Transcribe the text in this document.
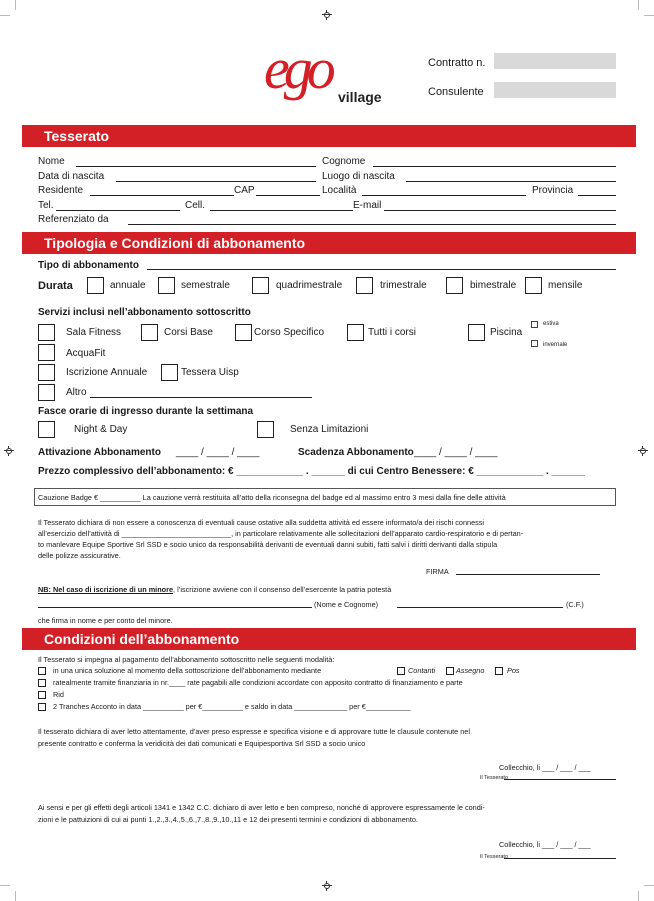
ego village
Contratto n.
Consulente
Tesserato
Nome	Cognome
Data di nascita	Luogo di nascita
Residente	CAP	Località	Provincia
Tel.	Cell.	E-mail
Referenziato da
Tipologia e Condizioni di abbonamento
Tipo di abbonamento
Durata	annuale	semestrale	quadrimestrale	trimestrale	bimestrale	mensile
Servizi inclusi nell’abbonamento sottoscritto
Sala Fitness	Corsi Base	Corso Specifico	Tutti i corsi	Piscina
estiva
invernale
AcquaFit
Iscrizione Annuale	Tessera Uisp
Altro
Fasce orarie di ingresso durante la settimana
Night & Day	Senza Limitazioni
Attivazione Abbonamento ____ / ____ / ____	Scadenza Abbonamento ____ / ____ / ____
Prezzo complessivo dell’abbonamento: € ____________ . ______ di cui Centro Benessere: € ____________ . ______
Cauzione Badge € __________ La cauzione verrà restituita all’atto della riconsegna del badge ed al massimo entro 3 mesi dalla fine delle attività
Il Tesserato dichiara di non essere a conoscenza di eventuali cause ostative alla suddetta attività ed essere informato/a dei rischi connessi
all’esercizio dell’attività di ___________________________, in particolare relativamente alle sollecitazioni dell’apparato cardio-respiratorio e di pertan-
to manlevare Equipe Sportive Srl SSD e socio unico da responsabilità derivanti de eventuali danni subiti, fatti salvi i diritti derivanti dalla stipula
delle polizze assicurative.
FIRMA
NB: Nel caso di iscrizione di un minore, l’iscrizione avviene con il consenso dell’esercente la patria potestà
(Nome e Cognome)	(C.F.)
che firma in nome e per conto del minore.
Condizioni dell’abbonamento
Il Tesserato si impegna al pagamento dell’abbonamento sottoscritto nelle seguenti modalità:
in una unica soluzione al momento della sottoscrizione dell’abbonamento mediante	Contanti	Assegno	Pos
ratealmente tramite finanziaria in nr.____ rate pagabili alle condizioni accordate con apposito contratto di finanziamento e parte
Rid
2 Tranches Acconto in data __________ per €__________ e saldo in data _____________ per €___________
Il tesserato dichiara di aver letto attentamente, d’aver preso espresse e specifica visione e di approvare tutte le clausule contenute nel
presente contratto e conferma la veridicità dei dati comunicati e Equipesportiva Srl SSD a socio unico
Collecchio, li ___ / ___ / ___
Il Tesserato
Ai sensi e per gli effetti degli articoli 1341 e 1342 C.C. dichiaro di aver letto e ben compreso, nonché di approvere espressamente le condi-
zioni e le pattuizioni di cui ai punti 1.,2.,3.,4.,5.,6.,7.,8.,9.,10.,11 e 12 dei presenti termini e condizioni di abbonamento.
Collecchio, li ___ / ___ / ___
Il Tesserato
